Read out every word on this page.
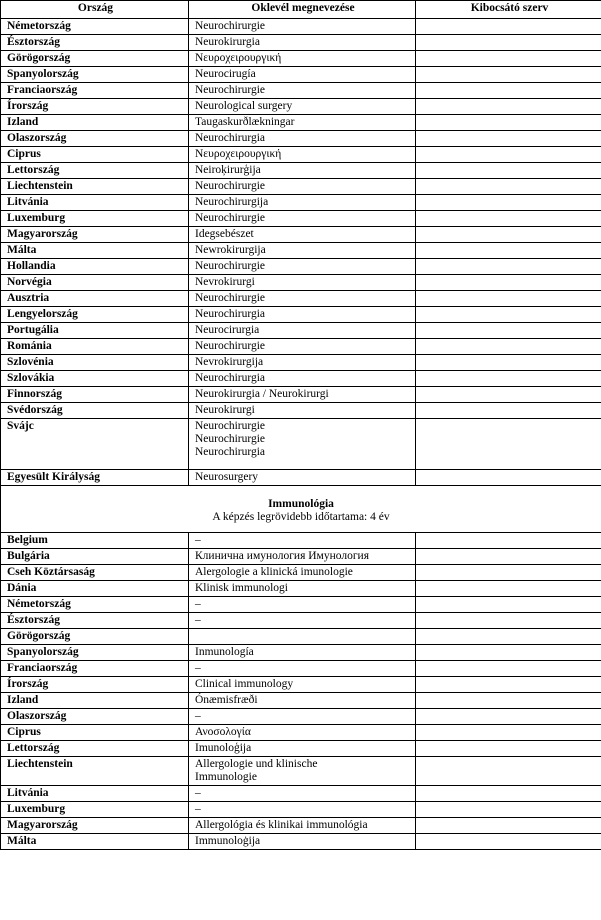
Ország	Oklevél megnevezése	Kibocsátó szerv
Németország	Neurochirurgie	
Észtország	Neurokirurgia	
Görögország	Νευροχειρουργική	
Spanyolország	Neurocirugía	
Franciaország	Neurochirurgie	
Írország	Neurological surgery	
Izland	Taugaskurðlækningar	
Olaszország	Neurochirurgia	
Ciprus	Νευροχειρουργική	
Lettország	Neiroķirurģija	
Liechtenstein	Neurochirurgie	
Litvánia	Neurochirurgija	
Luxemburg	Neurochirurgie	
Magyarország	Idegsebészet	
Málta	Newrokirurgija	
Hollandia	Neurochirurgie	
Norvégia	Nevrokirurgi	
Ausztria	Neurochirurgie	
Lengyelország	Neurochirurgia	
Portugália	Neurocirurgia	
Románia	Neurochirurgie	
Szlovénia	Nevrokirurgija	
Szlovákia	Neurochirurgia	
Finnország	Neurokirurgia / Neurokirurgi	
Svédország	Neurokirurgi	
Svájc	Neurochirurgie
Neurochirurgie
Neurochirurgia	

Egyesült Királyság	Neurosurgery	

Immunológia
A képzés legrövidebb időtartama: 4 év		

Belgium	–	
Bulgária	Клинична имунология Имунология	
Cseh Köztársaság	Alergologie a klinická imunologie	
Dánia	Klinisk immunologi	
Németország	–	
Észtország	–	
Görögország		
Spanyolország	Inmunología	
Franciaország	–	
Írország	Clinical immunology	
Izland	Ónæmisfræði	
Olaszország	–	
Ciprus	Ανοσολογία	
Lettország	Imunoloģija	
Liechtenstein	Allergologie und klinische
Immunologie	

Litvánia	–	
Luxemburg	–	
Magyarország	Allergológia és klinikai immunológia	
Málta	Immunoloġija	
